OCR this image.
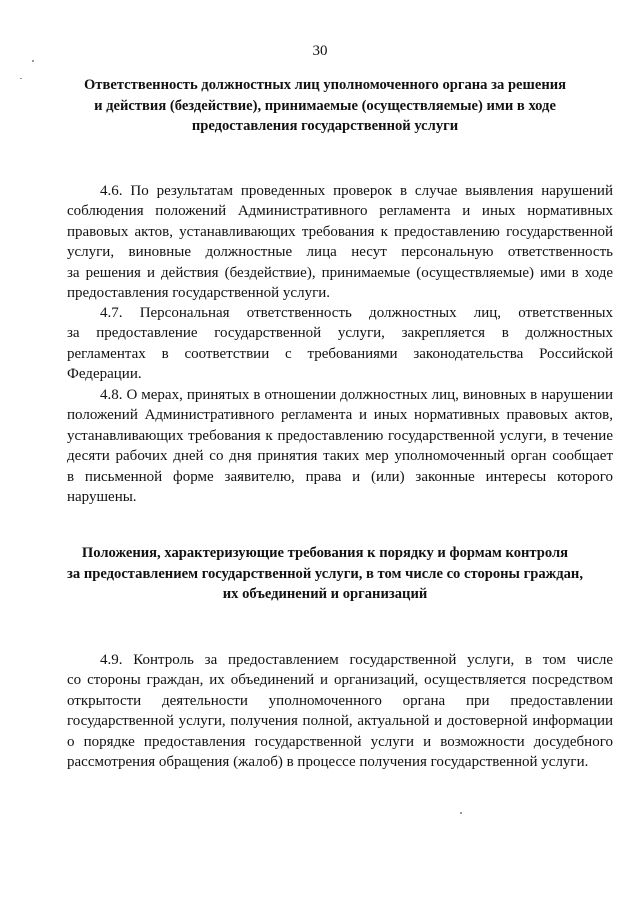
30
Ответственность должностных лиц уполномоченного органа за решения
и действия (бездействие), принимаемые (осуществляемые) ими в ходе
предоставления государственной услуги
4.6. По результатам проведенных проверок в случае выявления нарушений
соблюдения положений Административного регламента и иных нормативных
правовых актов, устанавливающих требования к предоставлению государственной
услуги, виновные должностные лица несут персональную ответственность
за решения и действия (бездействие), принимаемые (осуществляемые) ими в ходе
предоставления государственной услуги.
4.7. Персональная ответственность должностных лиц, ответственных
за предоставление государственной услуги, закрепляется в должностных
регламентах в соответствии с требованиями законодательства Российской
Федерации.
4.8. О мерах, принятых в отношении должностных лиц, виновных в нарушении
положений Административного регламента и иных нормативных правовых актов,
устанавливающих требования к предоставлению государственной услуги, в течение
десяти рабочих дней со дня принятия таких мер уполномоченный орган сообщает
в письменной форме заявителю, права и (или) законные интересы которого
нарушены.
Положения, характеризующие требования к порядку и формам контроля
за предоставлением государственной услуги, в том числе со стороны граждан,
их объединений и организаций
4.9. Контроль за предоставлением государственной услуги, в том числе
со стороны граждан, их объединений и организаций, осуществляется посредством
открытости деятельности уполномоченного органа при предоставлении
государственной услуги, получения полной, актуальной и достоверной информации
о порядке предоставления государственной услуги и возможности досудебного
рассмотрения обращения (жалоб) в процессе получения государственной услуги.
